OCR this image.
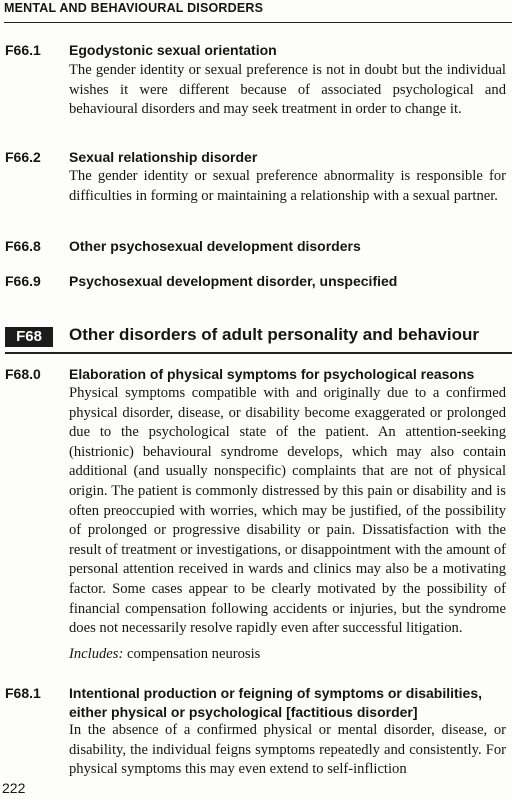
MENTAL AND BEHAVIOURAL DISORDERS
F66.1 Egodystonic sexual orientation
The gender identity or sexual preference is not in doubt but the individual wishes it were different because of associated psychological and behavioural disorders and may seek treatment in order to change it.
F66.2 Sexual relationship disorder
The gender identity or sexual preference abnormality is responsible for difficulties in forming or maintaining a relationship with a sexual partner.
F66.8 Other psychosexual development disorders
F66.9 Psychosexual development disorder, unspecified
F68	Other disorders of adult personality and behaviour
F68.0 Elaboration of physical symptoms for psychological reasons
Physical symptoms compatible with and originally due to a confirmed physical disorder, disease, or disability become exaggerated or prolonged due to the psychological state of the patient. An attention-seeking (histrionic) behavioural syndrome develops, which may also contain additional (and usually nonspecific) complaints that are not of physical origin. The patient is commonly distressed by this pain or disability and is often preoccupied with worries, which may be justified, of the possibility of prolonged or progressive disability or pain. Dissatisfaction with the result of treatment or investigations, or disappointment with the amount of personal attention received in wards and clinics may also be a motivating factor. Some cases appear to be clearly motivated by the possibility of financial compensation following accidents or injuries, but the syndrome does not necessarily resolve rapidly even after successful litigation.
Includes: compensation neurosis
F68.1 Intentional production or feigning of symptoms or disabilities, either physical or psychological [factitious disorder]
In the absence of a confirmed physical or mental disorder, disease, or disability, the individual feigns symptoms repeatedly and consistently. For physical symptoms this may even extend to self-infliction
222
